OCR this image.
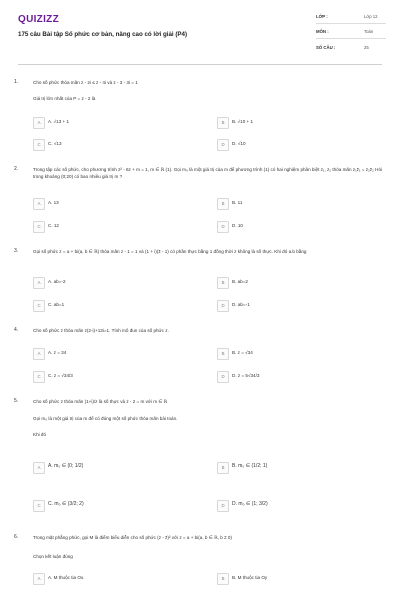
QUIZIZZ
175 câu Bài tập Số phức cơ bản, nâng cao có lời giải (P4)
LỚP :	Lớp 12
MÔN :	Toán
SỐ CÂU :	25
1.	Cho số phức thỏa mãn z - 2i ≤ z - 4i và z - 3 - 3i = 1
Giá trị lớn nhất của P = z - 2 là
A	A. √13 + 1	B	B. √10 + 1
C	C. √13	D	D. √10
2.	Trong tập các số phức, cho phương trình z² - 6z + m = 1, m ∈ ℝ (1). Gọi m₀ là một giá trị của m để phương trình (1) có hai nghiệm phân biệt z₁, z₂ thỏa mãn z₁z̄₁ = z₂z̄₂ Hỏi trong khoảng (0;20) có bao nhiêu giá trị m ?
A	A. 13	B	B. 11
C	C. 12	D	D. 10
3.	Gọi số phức z = a + bi(a, b ∈ ℝ) thỏa mãn z - 1 = 1 và (1 + i)(z̄ - 1) có phần thực bằng 1 đồng thời z không là số thực. Khi đó a.b bằng
A	A. ab=-2	B	B. ab=2
C	C. ab=1	D	D. ab=-1
4.	Cho số phức z thỏa mãn z(2-i)+13i=1. Tính mô đun của số phức z.
A	A. z = 34	B	B. z = √34
C	C. z = √34/3	D	D. z = 5√34/3
5.	Cho số phức z thỏa mãn (1+i)/z là số thực và z - 2 = m với m ∈ ℝ
Gọi m₀ là một giá trị của m để có đúng một số phức thỏa mãn bài toán.
Khi đó
A	A. m₀ ∈ (0; 1/2)	B	B. m₀ ∈ (1/2; 1)
C	C. m₀ ∈ (3/2; 2)	D	D. m₀ ∈ (1; 3/2)
6.	Trong mặt phẳng phức, gọi M là điểm biểu diễn cho số phức (z - z̄)² với z = a + bi(a, b ∈ ℝ, b ≠ 0)
Chọn kết luận đúng
A	A. M thuộc tia Ox.	B	B. M thuộc tia Oy
